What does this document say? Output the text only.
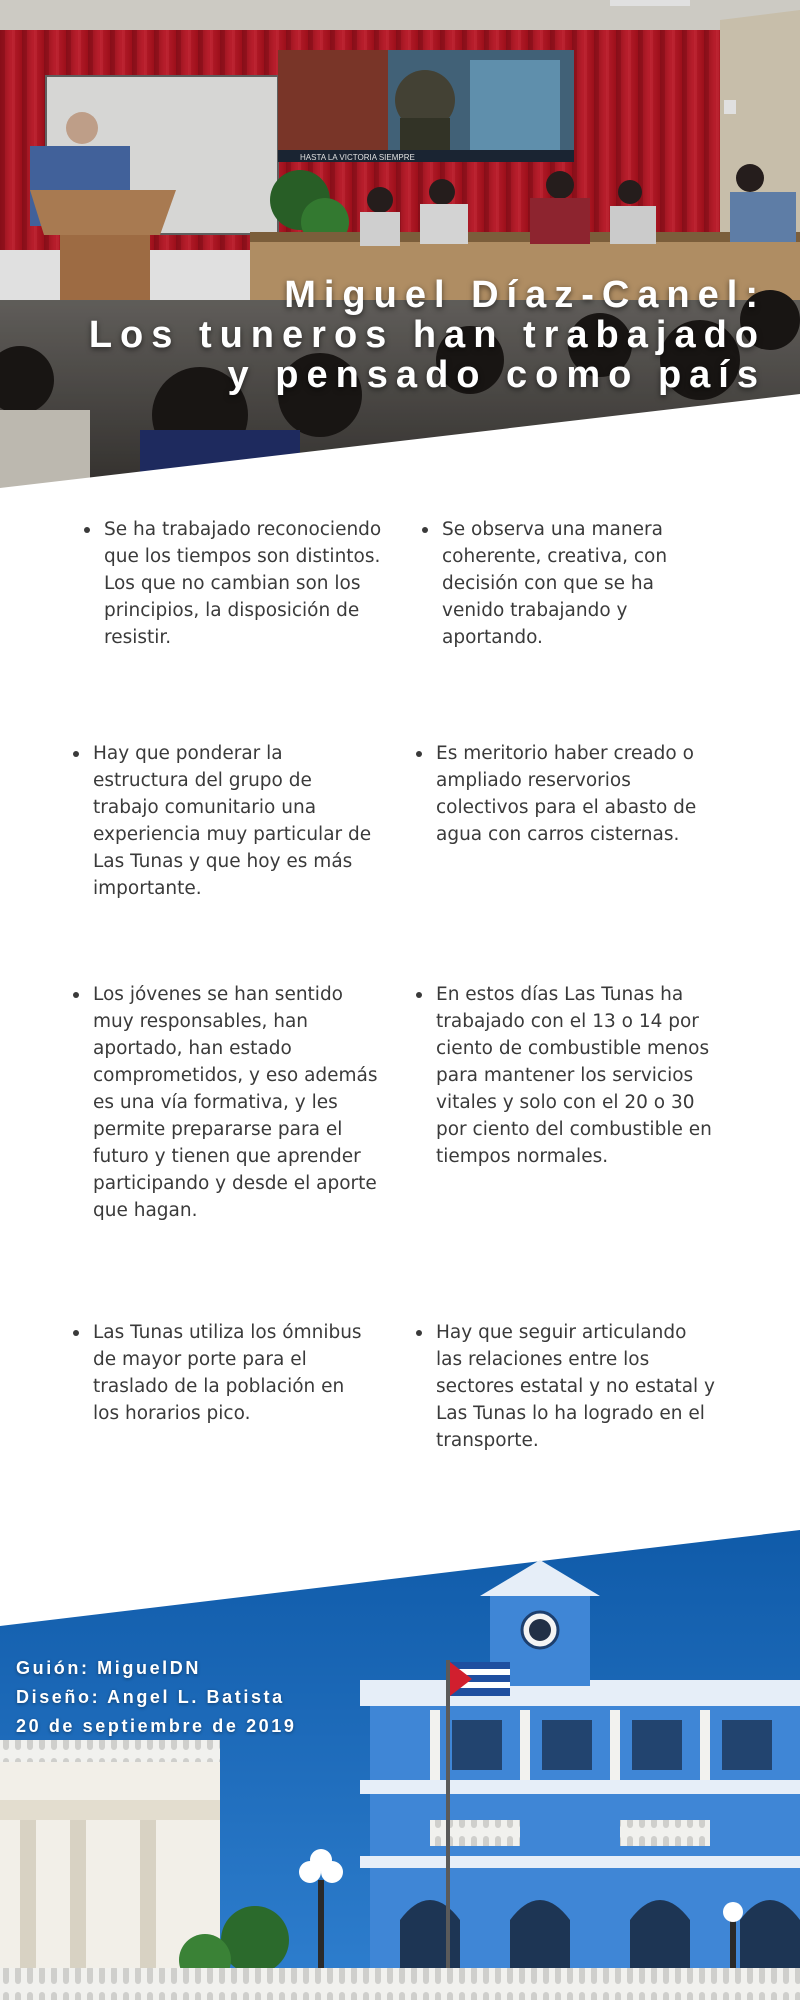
HASTA LA VICTORIA SIEMPRE
Miguel Díaz-Canel:
Los tuneros han trabajado
y pensado como país
Se ha trabajado reconociendo que los tiempos son distintos. Los que no cambian son los principios, la disposición de resistir.
Se observa una manera coherente, creativa, con decisión con que se ha venido trabajando y aportando.
Hay que ponderar la estructura del grupo de trabajo comunitario una experiencia muy particular de Las Tunas y que hoy es más importante.
Es meritorio haber creado o ampliado reservorios colectivos para el abasto de agua con carros cisternas.
Los jóvenes se han sentido muy responsables, han aportado, han estado comprometidos, y eso además es una vía formativa, y les permite prepararse para el futuro y tienen que aprender participando y desde el aporte que hagan.
En estos días Las Tunas ha trabajado con el 13 o 14 por ciento de combustible menos para mantener los servicios vitales y solo con el 20 o 30 por ciento del combustible en tiempos normales.
Las Tunas utiliza los ómnibus de mayor porte para el traslado de la población en los horarios pico.
Hay que seguir articulando las relaciones entre los sectores estatal y no estatal y Las Tunas lo ha logrado en el transporte.
Guión: MiguelDN
Diseño: Angel L. Batista
20 de septiembre de 2019
